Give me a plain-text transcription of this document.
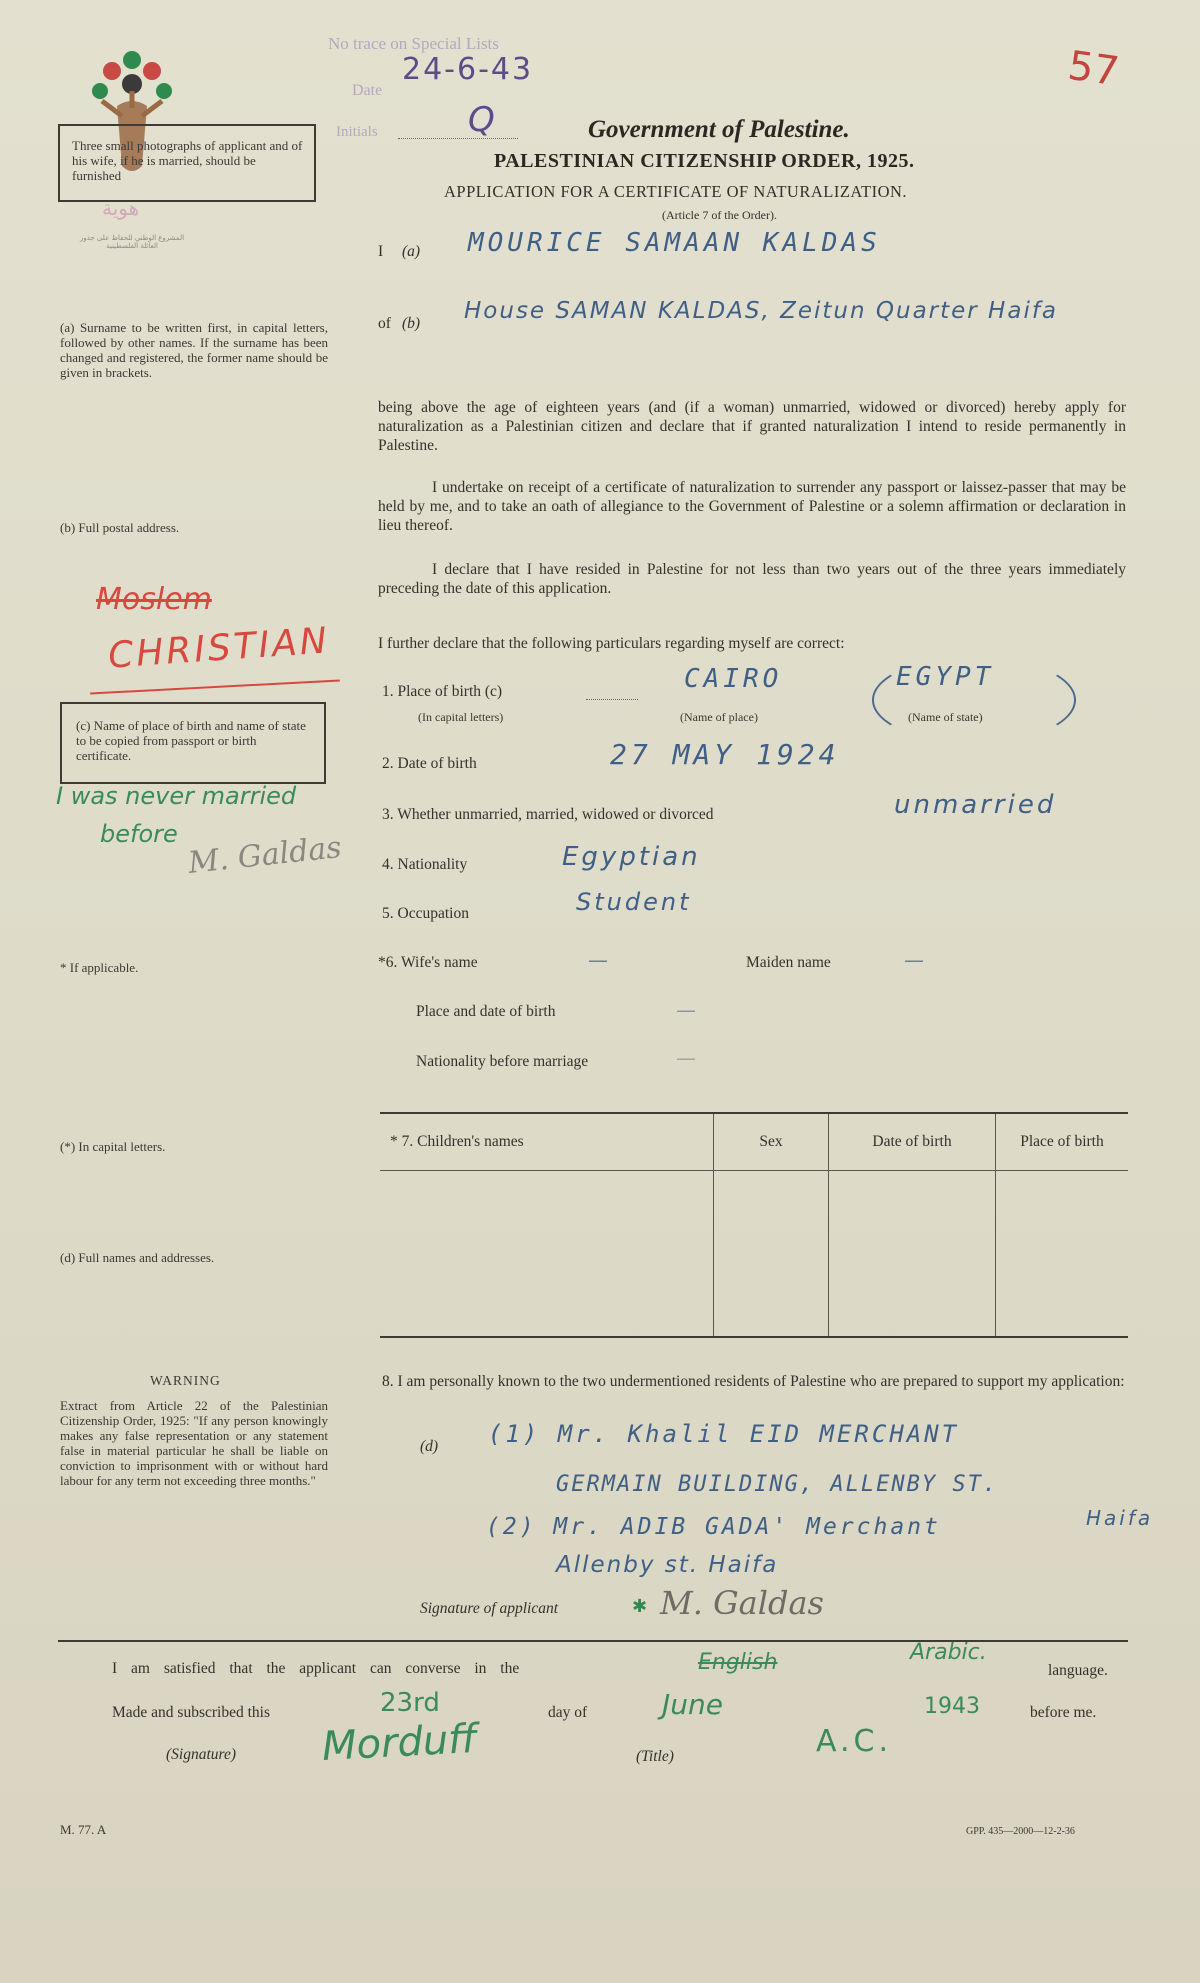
هوية
المشروع الوطني للحفاظ على جذور العائلة الفلسطينية
No trace on Special Lists
Date
24-6-43
Initials	Q
57
Government of Palestine.
PALESTINIAN CITIZENSHIP ORDER, 1925.
APPLICATION FOR A CERTIFICATE OF NATURALIZATION.
(Article 7 of the Order).
Three small photographs of applicant and of his wife, if he is married, should be furnished
I (a) MOURICE SAMAAN KALDAS
(a) Surname to be written first, in capital letters, followed by other names. If the surname has been changed and registered, the former name should be given in brackets.
of (b) House SAMAN KALDAS, Zeitun Quarter Haifa
being above the age of eighteen years (and (if a woman) unmarried, widowed or divorced) hereby apply for naturalization as a Palestinian citizen and declare that if granted naturalization I intend to reside permanently in Palestine.
I undertake on receipt of a certificate of naturalization to surrender any passport or laissez-passer that may be held by me, and to take an oath of allegiance to the Government of Palestine or a solemn affirmation or declaration in lieu thereof.
I declare that I have resided in Palestine for not less than two years out of the three years immediately preceding the date of this application.
I further declare that the following particulars regarding myself are correct:
(b) Full postal address.
Moslem
CHRISTIAN
(c) Name of place of birth and name of state to be copied from passport or birth certificate.
I was never married
before M. Galdas
1. Place of birth (c)
(In capital letters)
CAIRO
(Name of place)
EGYPT
(Name of state)
2. Date of birth	27 MAY 1924
3. Whether unmarried, married, widowed or divorced	unmarried
4. Nationality	Egyptian
5. Occupation	Student
* If applicable.	*6. Wife's name	—	Maiden name	—
Place and date of birth	—
Nationality before marriage	—
(*) In capital letters.	* 7. Children's names	Sex	Date of birth	Place of birth

(d) Full names and addresses.
WARNING
Extract from Article 22 of the Palestinian Citizenship Order, 1925: "If any person knowingly makes any false representation or any statement false in material particular he shall be liable on conviction to imprisonment with or without hard labour for any term not exceeding three months."
8. I am personally known to the two undermentioned residents of Palestine who are prepared to support my application:
(d) (1) Mr. Khalil EID MERCHANT
GERMAIN BUILDING, ALLENBY ST.
(2) Mr. ADIB GADA' Merchant	Haifa
Allenby st. Haifa
Signature of applicant	✱ M. Galdas
I am satisfied that the applicant can converse in the	English	Arabic.
language.
Made and subscribed this	23rd	day of	June	1943	before me.
(Signature) Morduff	(Title)	A.C.
M. 77. A	GPP. 435—2000—12-2-36
